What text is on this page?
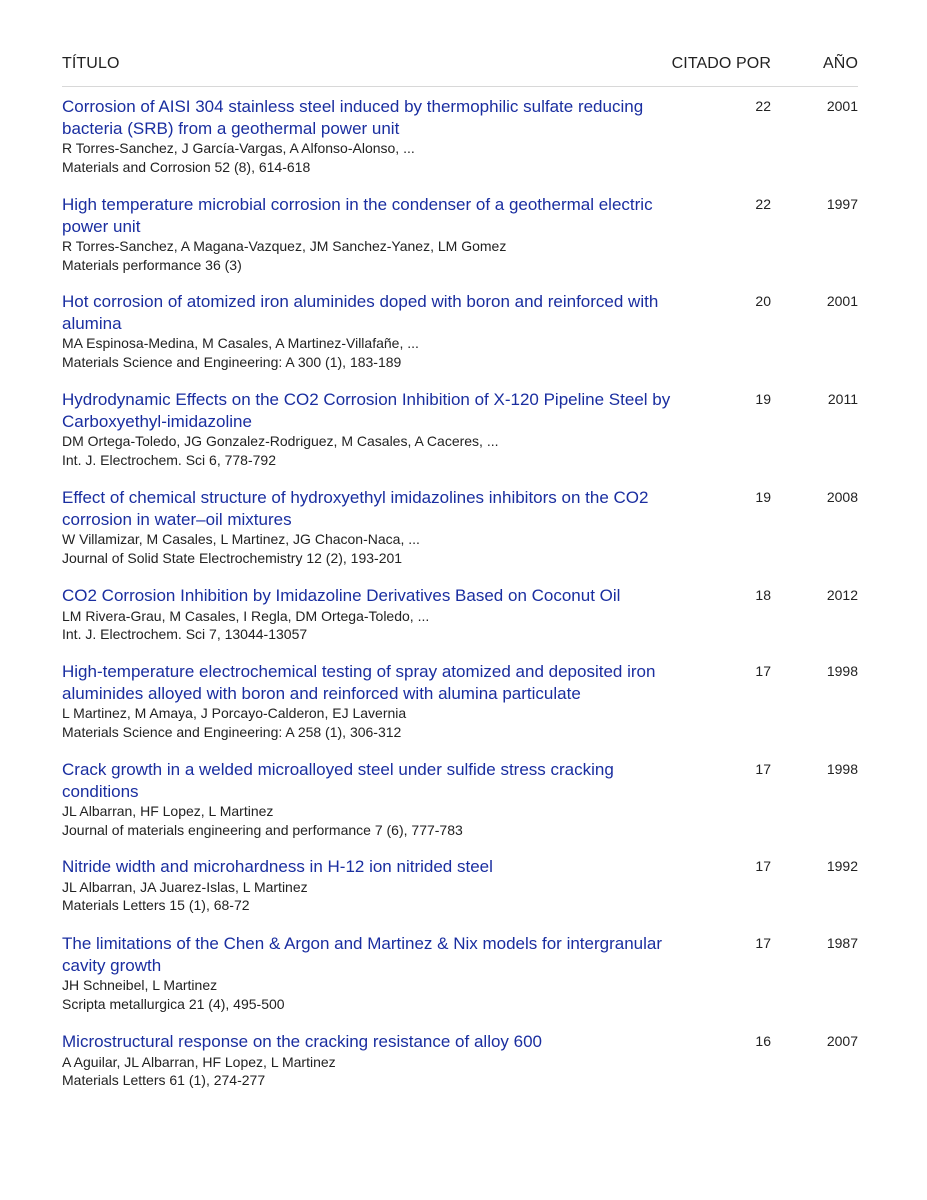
TÍTULO	CITADO POR	AÑO
Corrosion of AISI 304 stainless steel induced by thermophilic sulfate reducing bacteria (SRB) from a geothermal power unit
R Torres-Sanchez, J García-Vargas, A Alfonso-Alonso, ...
Materials and Corrosion 52 (8), 614-618
22	2001
High temperature microbial corrosion in the condenser of a geothermal electric power unit
R Torres-Sanchez, A Magana-Vazquez, JM Sanchez-Yanez, LM Gomez
Materials performance 36 (3)
22	1997
Hot corrosion of atomized iron aluminides doped with boron and reinforced with alumina
MA Espinosa-Medina, M Casales, A Martinez-Villafañe, ...
Materials Science and Engineering: A 300 (1), 183-189
20	2001
Hydrodynamic Effects on the CO2 Corrosion Inhibition of X-120 Pipeline Steel by Carboxyethyl-imidazoline
DM Ortega-Toledo, JG Gonzalez-Rodriguez, M Casales, A Caceres, ...
Int. J. Electrochem. Sci 6, 778-792
19	2011
Effect of chemical structure of hydroxyethyl imidazolines inhibitors on the CO2 corrosion in water–oil mixtures
W Villamizar, M Casales, L Martinez, JG Chacon-Naca, ...
Journal of Solid State Electrochemistry 12 (2), 193-201
19	2008
CO2 Corrosion Inhibition by Imidazoline Derivatives Based on Coconut Oil
LM Rivera-Grau, M Casales, I Regla, DM Ortega-Toledo, ...
Int. J. Electrochem. Sci 7, 13044-13057
18	2012
High-temperature electrochemical testing of spray atomized and deposited iron aluminides alloyed with boron and reinforced with alumina particulate
L Martinez, M Amaya, J Porcayo-Calderon, EJ Lavernia
Materials Science and Engineering: A 258 (1), 306-312
17	1998
Crack growth in a welded microalloyed steel under sulfide stress cracking conditions
JL Albarran, HF Lopez, L Martinez
Journal of materials engineering and performance 7 (6), 777-783
17	1998
Nitride width and microhardness in H-12 ion nitrided steel
JL Albarran, JA Juarez-Islas, L Martinez
Materials Letters 15 (1), 68-72
17	1992
The limitations of the Chen & Argon and Martinez & Nix models for intergranular cavity growth
JH Schneibel, L Martinez
Scripta metallurgica 21 (4), 495-500
17	1987
Microstructural response on the cracking resistance of alloy 600
A Aguilar, JL Albarran, HF Lopez, L Martinez
Materials Letters 61 (1), 274-277
16	2007
